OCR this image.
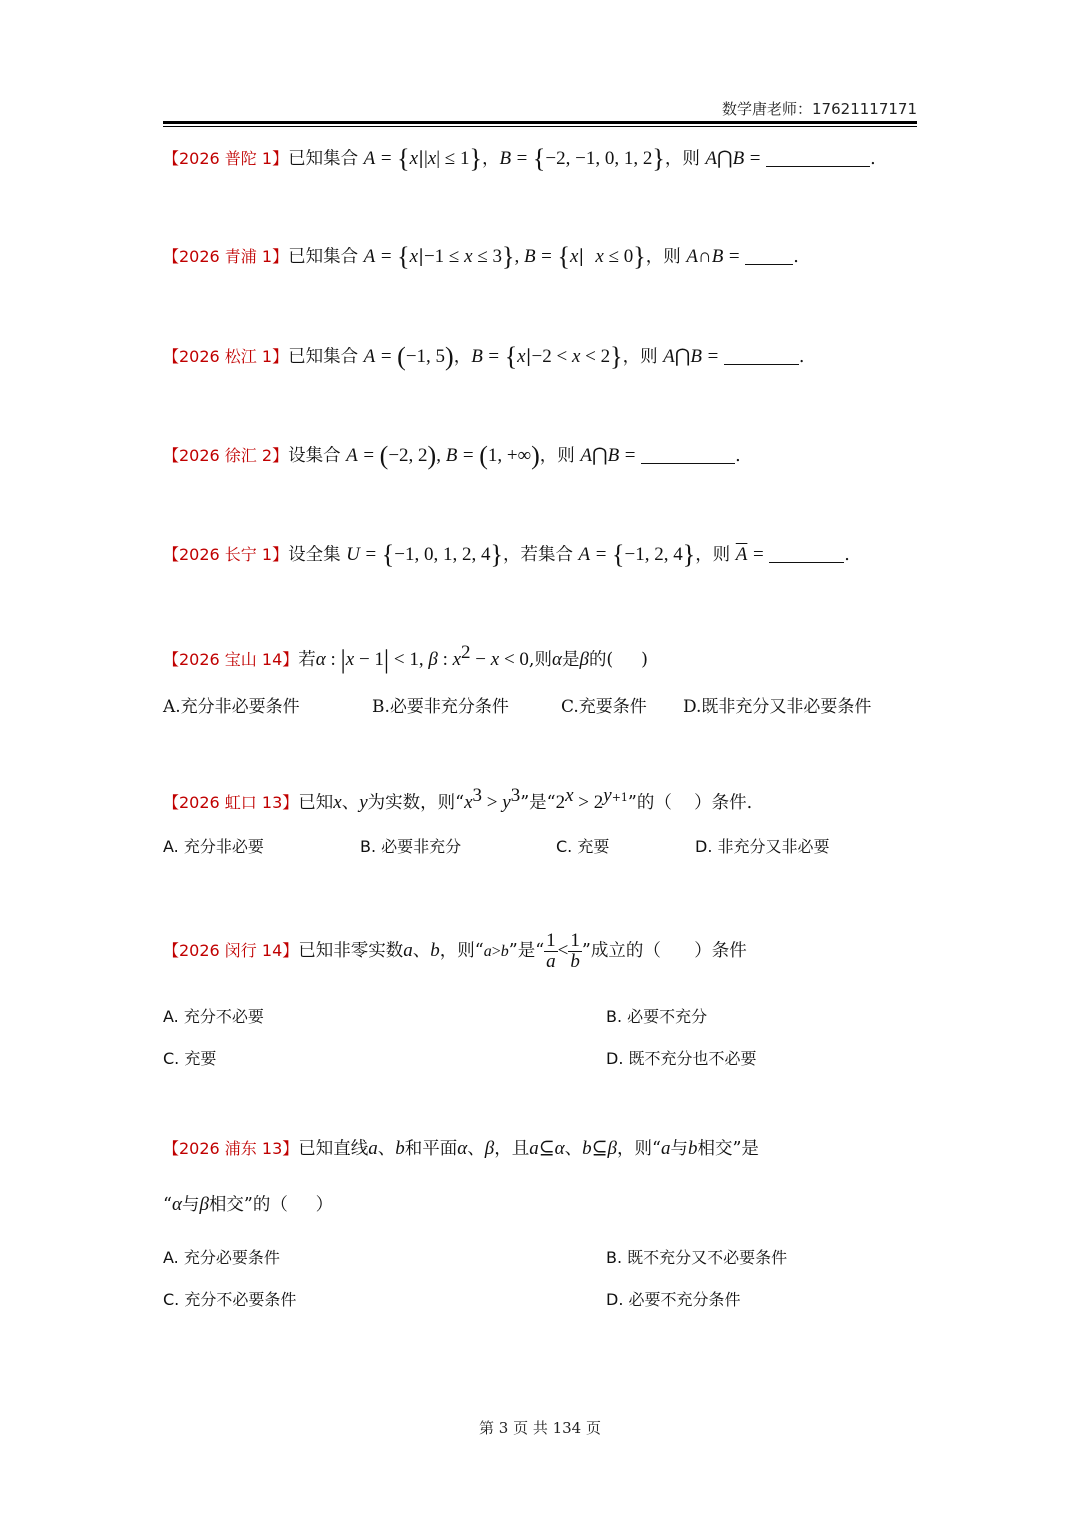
数学唐老师：17621117171
【2026 普陀 1】已知集合 A = {x||x| ≤ 1}，B = {−2, −1, 0, 1, 2}，则 A⋂B =	.
【2026 青浦 1】已知集合 A = {x|−1 ≤ x ≤ 3}, B = {x|  x ≤ 0}，则 A∩B =	.
【2026 松江 1】已知集合 A = (−1, 5)，B = {x|−2 < x < 2}，则 A⋂B =	.
【2026 徐汇 2】设集合 A = (−2, 2), B = (1, +∞)，则 A⋂B =	.
【2026 长宁 1】设全集 U = {−1, 0, 1, 2, 4}，若集合 A = {−1, 2, 4}，则 $\overline{A}$ =	.
【2026 宝山 14】若α : |x − 1| < 1, β : $x^2 - x < 0$,则α是β的(     )
A.充分非必要条件	B.必要非充分条件	C.充要条件 D.既非充分又非必要条件
【2026 虹口 13】已知x、y为实数，则“$x^3 > y^3$”是“$2^x > 2^{y+1}$”的（    ）条件.
A. 充分非必要	B. 必要非充分	C. 充要	D. 非充分又非必要
【2026 闵行 14】已知非零实数a、b，则“a>b”是“ $\frac{1}{a} < \frac{1}{b}$ ”成立的（      ）条件
A. 充分不必要	B. 必要不充分
C. 充要	D. 既不充分也不必要
【2026 浦东 13】已知直线a、b和平面α、β，且a⊆α、b⊆β，则“a与b相交”是
“α与β相交”的（     ）
A. 充分必要条件	B. 既不充分又不必要条件
C. 充分不必要条件	D. 必要不充分条件
第 3 页 共 134 页
